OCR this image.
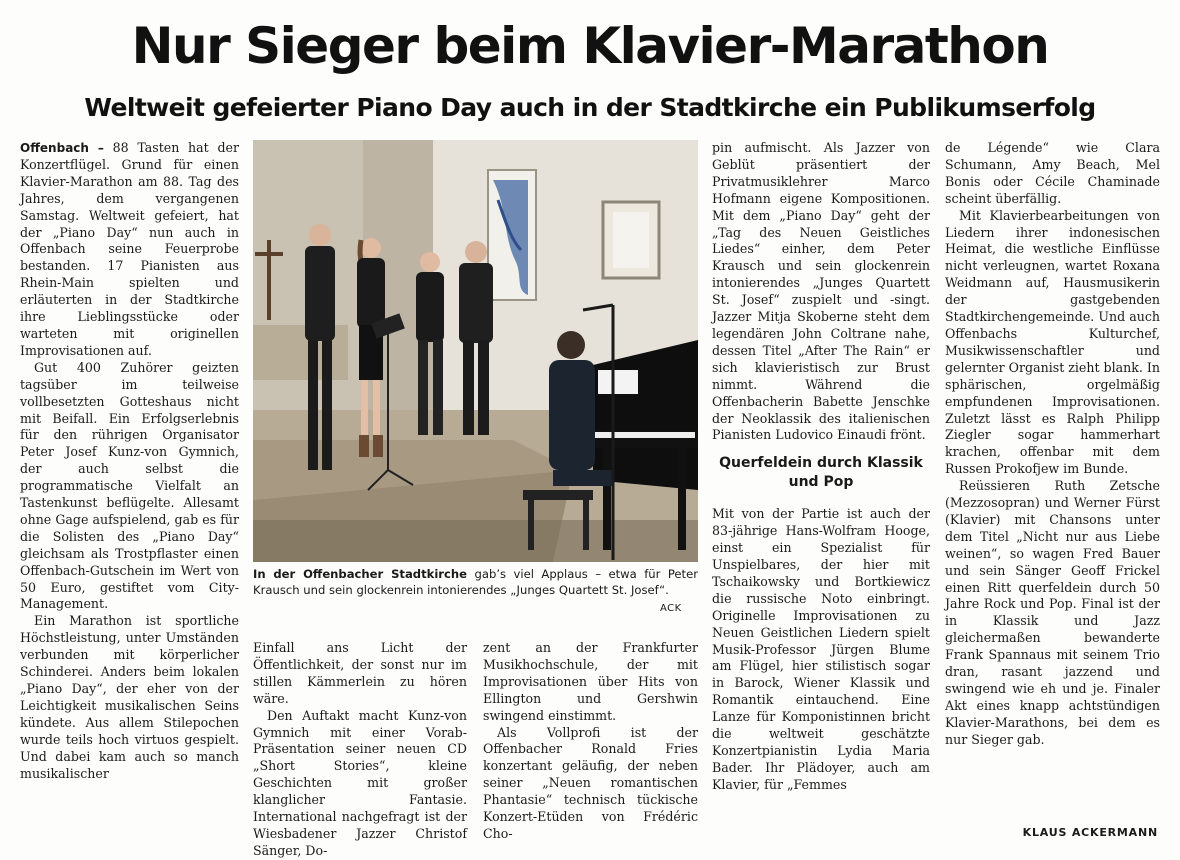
Nur Sieger beim Klavier-Marathon
Weltweit gefeierter Piano Day auch in der Stadtkirche ein Publikumserfolg

Offenbach – 88 Tasten hat der Konzertflügel. Grund für einen Klavier-Marathon am 88. Tag des Jahres, dem vergangenen Samstag. Weltweit gefeiert, hat der „Piano Day“ nun auch in Offenbach seine Feuerprobe bestanden. 17 Pianisten aus Rhein-Main spielten und erläuterten in der Stadtkirche ihre Lieblingsstücke oder warteten mit originellen Improvisationen auf.

Gut 400 Zuhörer geizten tagsüber im teilweise vollbesetzten Gotteshaus nicht mit Beifall. Ein Erfolgserlebnis für den rührigen Organisator Peter Josef Kunz-von Gymnich, der auch selbst die programmatische Vielfalt an Tastenkunst beflügelte. Allesamt ohne Gage aufspielend, gab es für die Solisten des „Piano Day“ gleichsam als Trostpflaster einen Offenbach-Gutschein im Wert von 50 Euro, gestiftet vom City-Management.

Ein Marathon ist sportliche Höchstleistung, unter Umständen verbunden mit körperlicher Schinderei. Anders beim lokalen „Piano Day“, der eher von der Leichtigkeit musikalischen Seins kündete. Aus allem Stilepochen wurde teils hoch virtuos gespielt. Und dabei kam auch so manch musikalischer

In der Offenbacher Stadtkirche gab’s viel Applaus – etwa für Peter Krausch und sein glockenrein intonierendes „Junges Quartett St. Josef“.
ACK

Einfall ans Licht der Öffentlichkeit, der sonst nur im stillen Kämmerlein zu hören wäre.

Den Auftakt macht Kunz-von Gymnich mit einer Vorab-Präsentation seiner neuen CD „Short Stories“, kleine Geschichten mit großer klanglicher Fantasie. International nachgefragt ist der Wiesbadener Jazzer Christof Sänger, Do-

zent an der Frankfurter Musikhochschule, der mit Improvisationen über Hits von Ellington und Gershwin swingend einstimmt.

Als Vollprofi ist der Offenbacher Ronald Fries konzertant geläufig, der neben seiner „Neuen romantischen Phantasie“ technisch tückische Konzert-Etüden von Frédéric Cho-

pin aufmischt. Als Jazzer von Geblüt präsentiert der Privatmusiklehrer Marco Hofmann eigene Kompositionen. Mit dem „Piano Day“ geht der „Tag des Neuen Geistliches Liedes“ einher, dem Peter Krausch und sein glockenrein intonierendes „Junges Quartett St. Josef“ zuspielt und -singt. Jazzer Mitja Skoberne steht dem legendären John Coltrane nahe, dessen Titel „After The Rain“ er sich klavieristisch zur Brust nimmt. Während die Offenbacherin Babette Jenschke der Neoklassik des italienischen Pianisten Ludovico Einaudi frönt.

Querfeldein durch Klassik und Pop

Mit von der Partie ist auch der 83-jährige Hans-Wolfram Hooge, einst ein Spezialist für Unspielbares, der hier mit Tschaikowsky und Bortkiewicz die russische Noto einbringt. Originelle Improvisationen zu Neuen Geistlichen Liedern spielt Musik-Professor Jürgen Blume am Flügel, hier stilistisch sogar in Barock, Wiener Klassik und Romantik eintauchend. Eine Lanze für Komponistinnen bricht die weltweit geschätzte Konzertpianistin Lydia Maria Bader. Ihr Plädoyer, auch am Klavier, für „Femmes

de Légende“ wie Clara Schumann, Amy Beach, Mel Bonis oder Cécile Chaminade scheint überfällig.

Mit Klavierbearbeitungen von Liedern ihrer indonesischen Heimat, die westliche Einflüsse nicht verleugnen, wartet Roxana Weidmann auf, Hausmusikerin der gastgebenden Stadtkirchengemeinde. Und auch Offenbachs Kulturchef, Musikwissenschaftler und gelernter Organist zieht blank. In sphärischen, orgelmäßig empfundenen Improvisationen. Zuletzt lässt es Ralph Philipp Ziegler sogar hammerhart krachen, offenbar mit dem Russen Prokofjew im Bunde.

Reüssieren Ruth Zetsche (Mezzosopran) und Werner Fürst (Klavier) mit Chansons unter dem Titel „Nicht nur aus Liebe weinen“, so wagen Fred Bauer und sein Sänger Geoff Frickel einen Ritt querfeldein durch 50 Jahre Rock und Pop. Final ist der in Klassik und Jazz gleichermaßen bewanderte Frank Spannaus mit seinem Trio dran, rasant jazzend und swingend wie eh und je. Finaler Akt eines knapp achtstündigen Klavier-Marathons, bei dem es nur Sieger gab.

KLAUS ACKERMANN
